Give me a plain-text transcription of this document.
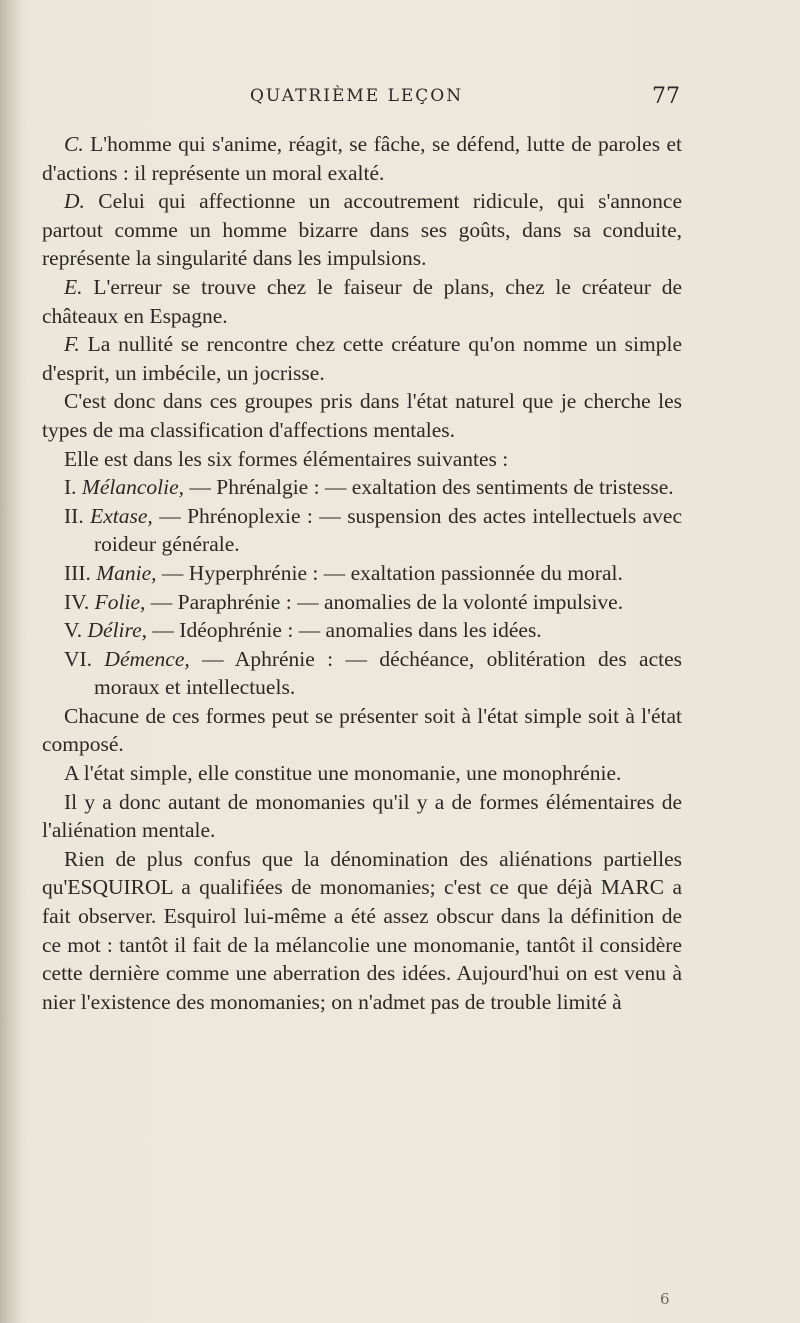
QUATRIÈME LEÇON	77

C. L'homme qui s'anime, réagit, se fâche, se défend, lutte de paroles et d'actions : il représente un moral exalté.

D. Celui qui affectionne un accoutrement ridicule, qui s'annonce partout comme un homme bizarre dans ses goûts, dans sa conduite, représente la singularité dans les impulsions.

E. L'erreur se trouve chez le faiseur de plans, chez le créateur de châteaux en Espagne.

F. La nullité se rencontre chez cette créature qu'on nomme un simple d'esprit, un imbécile, un jocrisse.

C'est donc dans ces groupes pris dans l'état naturel que je cherche les types de ma classification d'affections mentales.

Elle est dans les six formes élémentaires suivantes :

I. Mélancolie, — Phrénalgie : — exaltation des sentiments de tristesse.

II. Extase, — Phrénoplexie : — suspension des actes intellectuels avec roideur générale.

III. Manie, — Hyperphrénie : — exaltation passionnée du moral.

IV. Folie, — Paraphrénie : — anomalies de la volonté impulsive.

V. Délire, — Idéophrénie : — anomalies dans les idées.

VI. Démence, — Aphrénie : — déchéance, oblitération des actes moraux et intellectuels.

Chacune de ces formes peut se présenter soit à l'état simple soit à l'état composé.

A l'état simple, elle constitue une monomanie, une monophrénie.

Il y a donc autant de monomanies qu'il y a de formes élémentaires de l'aliénation mentale.

Rien de plus confus que la dénomination des aliénations partielles qu'ESQUIROL a qualifiées de monomanies; c'est ce que déjà MARC a fait observer. Esquirol lui-même a été assez obscur dans la définition de ce mot : tantôt il fait de la mélancolie une monomanie, tantôt il considère cette dernière comme une aberration des idées. Aujourd'hui on est venu à nier l'existence des monomanies; on n'admet pas de trouble limité à

6
